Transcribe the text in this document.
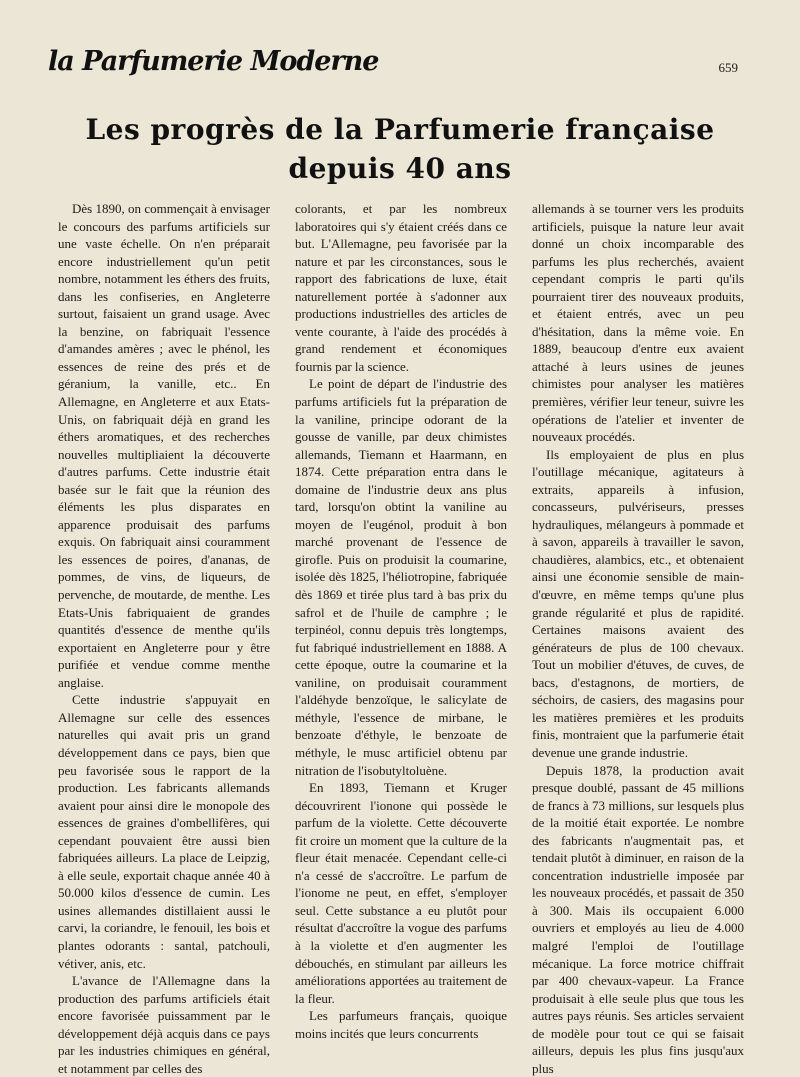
la Parfumerie Moderne	659
Les progrès de la Parfumerie française
depuis 40 ans

Dès 1890, on commençait à envisager le concours des parfums artificiels sur une vaste échelle. On n'en préparait encore industriellement qu'un petit nombre, notamment les éthers des fruits, dans les confiseries, en Angleterre surtout, faisaient un grand usage. Avec la benzine, on fabriquait l'essence d'amandes amères ; avec le phénol, les essences de reine des prés et de géranium, la vanille, etc.. En Allemagne, en Angleterre et aux Etats-Unis, on fabriquait déjà en grand les éthers aromatiques, et des recherches nouvelles multipliaient la découverte d'autres parfums. Cette industrie était basée sur le fait que la réunion des éléments les plus disparates en apparence produisait des parfums exquis. On fabriquait ainsi couramment les essences de poires, d'ananas, de pommes, de vins, de liqueurs, de pervenche, de moutarde, de menthe. Les Etats-Unis fabriquaient de grandes quantités d'essence de menthe qu'ils exportaient en Angleterre pour y être purifiée et vendue comme menthe anglaise.

Cette industrie s'appuyait en Allemagne sur celle des essences naturelles qui avait pris un grand développement dans ce pays, bien que peu favorisée sous le rapport de la production. Les fabricants allemands avaient pour ainsi dire le monopole des essences de graines d'ombellifères, qui cependant pouvaient être aussi bien fabriquées ailleurs. La place de Leipzig, à elle seule, exportait chaque année 40 à 50.000 kilos d'essence de cumin. Les usines allemandes distillaient aussi le carvi, la coriandre, le fenouil, les bois et plantes odorants : santal, patchouli, vétiver, anis, etc.

L'avance de l'Allemagne dans la production des parfums artificiels était encore favorisée puissamment par le développement déjà acquis dans ce pays par les industries chimiques en général, et notamment par celles des

colorants, et par les nombreux laboratoires qui s'y étaient créés dans ce but. L'Allemagne, peu favorisée par la nature et par les circonstances, sous le rapport des fabrications de luxe, était naturellement portée à s'adonner aux productions industrielles des articles de vente courante, à l'aide des procédés à grand rendement et économiques fournis par la science.

Le point de départ de l'industrie des parfums artificiels fut la préparation de la vaniline, principe odorant de la gousse de vanille, par deux chimistes allemands, Tiemann et Haarmann, en 1874. Cette préparation entra dans le domaine de l'industrie deux ans plus tard, lorsqu'on obtint la vaniline au moyen de l'eugénol, produit à bon marché provenant de l'essence de girofle. Puis on produisit la coumarine, isolée dès 1825, l'héliotropine, fabriquée dès 1869 et tirée plus tard à bas prix du safrol et de l'huile de camphre ; le terpinéol, connu depuis très longtemps, fut fabriqué industriellement en 1888. A cette époque, outre la coumarine et la vaniline, on produisait couramment l'aldéhyde benzoïque, le salicylate de méthyle, l'essence de mirbane, le benzoate d'éthyle, le benzoate de méthyle, le musc artificiel obtenu par nitration de l'isobutyltoluène.

En 1893, Tiemann et Kruger découvrirent l'ionone qui possède le parfum de la violette. Cette découverte fit croire un moment que la culture de la fleur était menacée. Cependant celle-ci n'a cessé de s'accroître. Le parfum de l'ionome ne peut, en effet, s'employer seul. Cette substance a eu plutôt pour résultat d'accroître la vogue des parfums à la violette et d'en augmenter les débouchés, en stimulant par ailleurs les améliorations apportées au traitement de la fleur.

Les parfumeurs français, quoique moins incités que leurs concurrents

allemands à se tourner vers les produits artificiels, puisque la nature leur avait donné un choix incomparable des parfums les plus recherchés, avaient cependant compris le parti qu'ils pourraient tirer des nouveaux produits, et étaient entrés, avec un peu d'hésitation, dans la même voie. En 1889, beaucoup d'entre eux avaient attaché à leurs usines de jeunes chimistes pour analyser les matières premières, vérifier leur teneur, suivre les opérations de l'atelier et inventer de nouveaux procédés.

Ils employaient de plus en plus l'outillage mécanique, agitateurs à extraits, appareils à infusion, concasseurs, pulvériseurs, presses hydrauliques, mélangeurs à pommade et à savon, appareils à travailler le savon, chaudières, alambics, etc., et obtenaient ainsi une économie sensible de main-d'œuvre, en même temps qu'une plus grande régularité et plus de rapidité. Certaines maisons avaient des générateurs de plus de 100 chevaux. Tout un mobilier d'étuves, de cuves, de bacs, d'estagnons, de mortiers, de séchoirs, de casiers, des magasins pour les matières premières et les produits finis, montraient que la parfumerie était devenue une grande industrie.

Depuis 1878, la production avait presque doublé, passant de 45 millions de francs à 73 millions, sur lesquels plus de la moitié était exportée. Le nombre des fabricants n'augmentait pas, et tendait plutôt à diminuer, en raison de la concentration industrielle imposée par les nouveaux procédés, et passait de 350 à 300. Mais ils occupaient 6.000 ouvriers et employés au lieu de 4.000 malgré l'emploi de l'outillage mécanique. La force motrice chiffrait par 400 chevaux-vapeur. La France produisait à elle seule plus que tous les autres pays réunis. Ses articles servaient de modèle pour tout ce qui se faisait ailleurs, depuis les plus fins jusqu'aux plus
